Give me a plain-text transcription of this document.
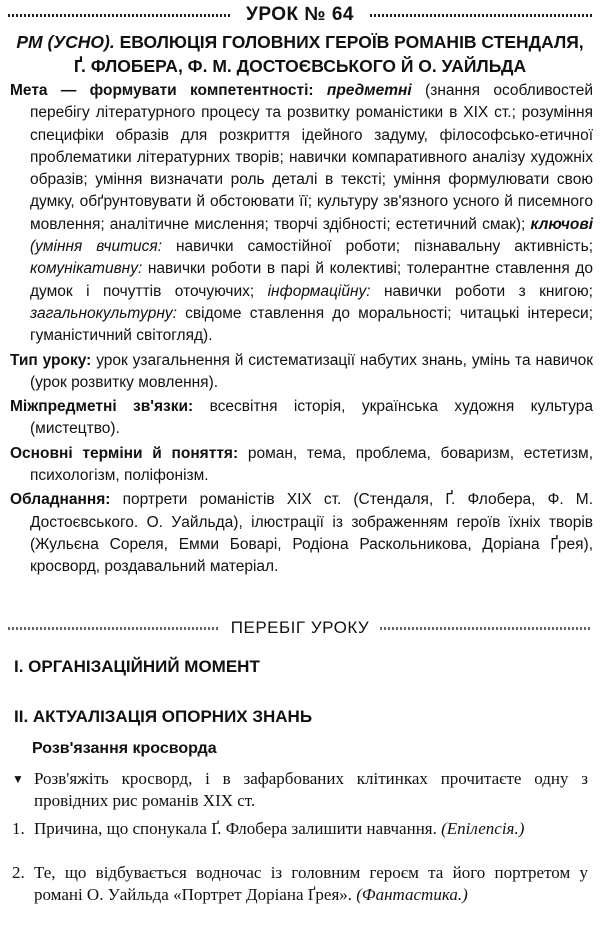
УРОК № 64
РМ (УСНО). ЕВОЛЮЦІЯ ГОЛОВНИХ ГЕРОЇВ РОМАНІВ СТЕНДАЛЯ, Ґ. ФЛОБЕРА, Ф. М. ДОСТОЄВСЬКОГО Й О. УАЙЛЬДА

Мета — формувати компетентності: предметні (знання особливостей перебігу літературного процесу та розвитку романістики в XIX ст.; розуміння специфіки образів для розкриття ідейного задуму, філософсько-етичної проблематики літературних творів; навички компаративного аналізу художніх образів; уміння визначати роль деталі в тексті; уміння формулювати свою думку, обґрунтовувати й обстоювати її; культуру зв'язного усного й писемного мовлення; аналітичне мислення; творчі здібності; естетичний смак); ключові (уміння вчитися: навички самостійної роботи; пізнавальну активність; комунікативну: навички роботи в парі й колективі; толерантне ставлення до думок і почуттів оточуючих; інформаційну: навички роботи з книгою; загальнокультурну: свідоме ставлення до моральності; читацькі інтереси; гуманістичний світогляд).

Тип уроку: урок узагальнення й систематизації набутих знань, умінь та навичок (урок розвитку мовлення).

Міжпредметні зв'язки: всесвітня історія, українська художня культура (мистецтво).

Основні терміни й поняття: роман, тема, проблема, боваризм, естетизм, психологізм, поліфонізм.

Обладнання: портрети романістів XIX ст. (Стендаля, Ґ. Флобера, Ф. М. Достоєвського. О. Уайльда), ілюстрації із зображенням героїв їхніх творів (Жульєна Сореля, Емми Боварі, Родіона Раскольникова, Доріана Ґрея), кросворд, роздавальний матеріал.

ПЕРЕБІГ УРОКУ
I. ОРГАНІЗАЦІЙНИЙ МОМЕНТ
II. АКТУАЛІЗАЦІЯ ОПОРНИХ ЗНАНЬ
Розв'язання кросворда
▼ Розв'яжіть кросворд, і в зафарбованих клітинках прочитаєте одну з провідних рис романів XIX ст.
1. Причина, що спонукала Ґ. Флобера залишити навчання. (Епілепсія.)
2. Те, що відбувається водночас із головним героєм та його портретом у романі О. Уайльда «Портрет Доріана Ґрея». (Фантастика.)
